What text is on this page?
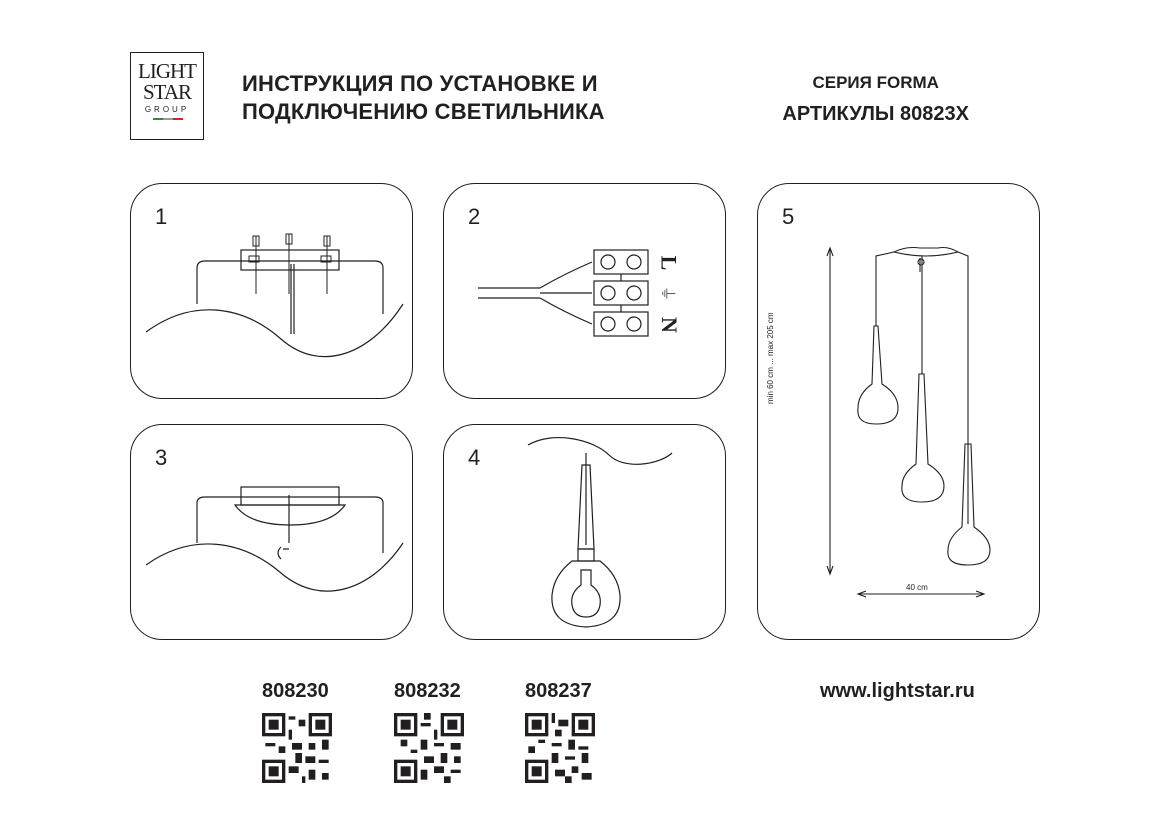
LIGHT
STAR
GROUP
ИНСТРУКЦИЯ ПО УСТАНОВКЕ И
ПОДКЛЮЧЕНИЮ СВЕТИЛЬНИКА
СЕРИЯ FORMA
АРТИКУЛЫ 80823X
1	2
L
⏚
N
3	4
5
min 60 cm ... max 205 cm
40 cm
808230	808232	808237	www.lightstar.ru
